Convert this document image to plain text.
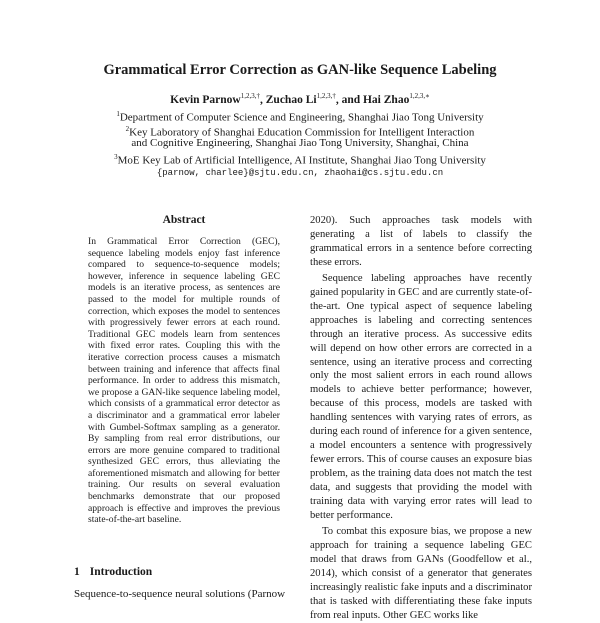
Grammatical Error Correction as GAN-like Sequence Labeling
Kevin Parnow$^{1,2,3,\dagger}$, Zuchao $Li^{1,2,3,\dagger}$, and Hai Zhao$^{1,2,3,∗}$
$^1$Department of Computer Science and Engineering, Shanghai Jiao Tong University
$^2$Key Laboratory of Shanghai Education Commission for Intelligent Interaction
and Cognitive Engineering, Shanghai Jiao Tong University, Shanghai, China
$^3$MoE Key Lab of Artificial Intelligence, AI Institute, Shanghai Jiao Tong University
{parnow, charlee}@sjtu.edu.cn, zhaohai@cs.sjtu.edu.cn
Abstract
In Grammatical Error Correction (GEC), sequence labeling models enjoy fast inference compared to sequence-to-sequence models; however, inference in sequence labeling GEC models is an iterative process, as sentences are passed to the model for multiple rounds of correction, which exposes the model to sentences with progressively fewer errors at each round. Traditional GEC models learn from sentences with fixed error rates. Coupling this with the iterative correction process causes a mismatch between training and inference that affects final performance. In order to address this mismatch, we propose a GAN-like sequence labeling model, which consists of a grammatical error detector as a discriminator and a grammatical error labeler with Gumbel-Softmax sampling as a generator. By sampling from real error distributions, our errors are more genuine compared to traditional synthesized GEC errors, thus alleviating the aforementioned mismatch and allowing for better training. Our results on several evaluation benchmarks demonstrate that our proposed approach is effective and improves the previous state-of-the-art baseline.
1 Introduction
Sequence-to-sequence neural solutions (Parnow

2020). Such approaches task models with generating a list of labels to classify the grammatical errors in a sentence before correcting these errors.

Sequence labeling approaches have recently gained popularity in GEC and are currently state-of-the-art. One typical aspect of sequence labeling approaches is labeling and correcting sentences through an iterative process. As successive edits will depend on how other errors are corrected in a sentence, using an iterative process and correcting only the most salient errors in each round allows models to achieve better performance; however, because of this process, models are tasked with handling sentences with varying rates of errors, as during each round of inference for a given sentence, a model encounters a sentence with progressively fewer errors. This of course causes an exposure bias problem, as the training data does not match the test data, and suggests that providing the model with training data with varying error rates will lead to better performance.

To combat this exposure bias, we propose a new approach for training a sequence labeling GEC model that draws from GANs (Goodfellow et al., 2014), which consist of a generator that generates increasingly realistic fake inputs and a discriminator that is tasked with differentiating these fake inputs from real inputs. Other GEC works like
